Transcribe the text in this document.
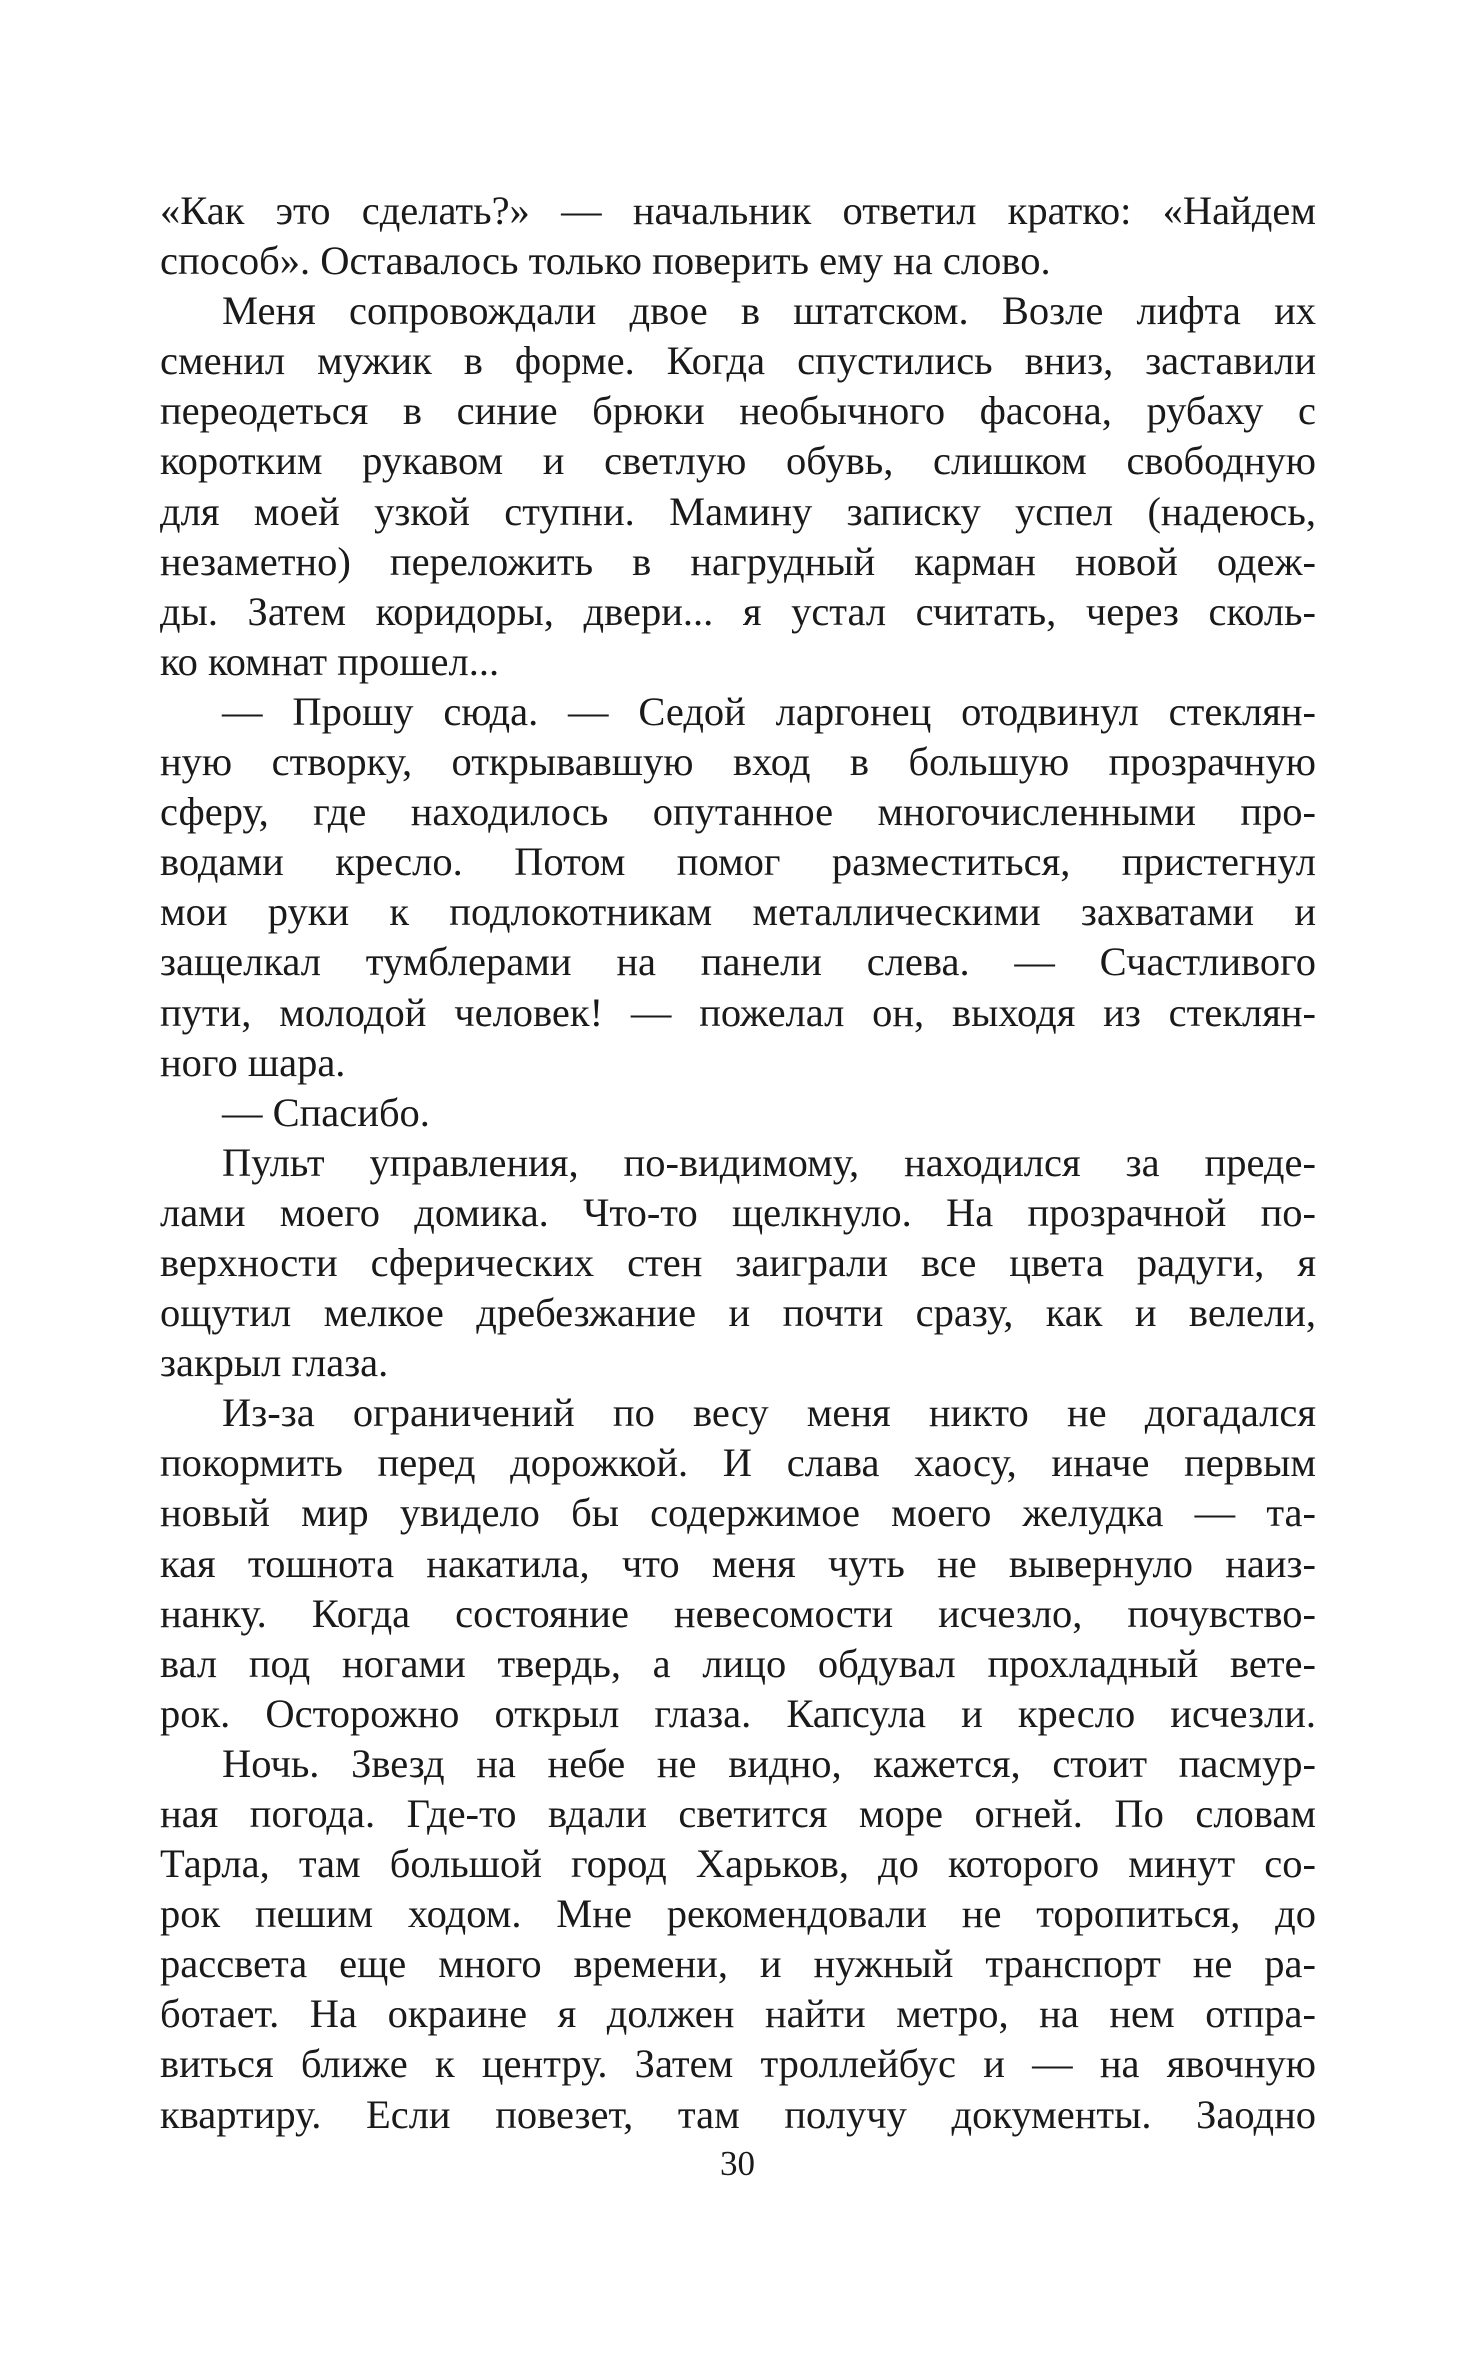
«Как это сделать?» — начальник ответил кратко: «Найдем
способ». Оставалось только поверить ему на слово.
Меня сопровождали двое в штатском. Возле лифта их
сменил мужик в форме. Когда спустились вниз, заставили
переодеться в синие брюки необычного фасона, рубаху с
коротким рукавом и светлую обувь, слишком свободную
для моей узкой ступни. Мамину записку успел (надеюсь,
незаметно) переложить в нагрудный карман новой одеж-
ды. Затем коридоры, двери... я устал считать, через сколь-
ко комнат прошел...
— Прошу сюда. — Седой ларгонец отодвинул стеклян-
ную створку, открывавшую вход в большую прозрачную
сферу, где находилось опутанное многочисленными про-
водами кресло. Потом помог разместиться, пристегнул
мои руки к подлокотникам металлическими захватами и
защелкал тумблерами на панели слева. — Счастливого
пути, молодой человек! — пожелал он, выходя из стеклян-
ного шара.
— Спасибо.
Пульт управления, по-видимому, находился за преде-
лами моего домика. Что-то щелкнуло. На прозрачной по-
верхности сферических стен заиграли все цвета радуги, я
ощутил мелкое дребезжание и почти сразу, как и велели,
закрыл глаза.
Из-за ограничений по весу меня никто не догадался
покормить перед дорожкой. И слава хаосу, иначе первым
новый мир увидело бы содержимое моего желудка — та-
кая тошнота накатила, что меня чуть не вывернуло наиз-
нанку. Когда состояние невесомости исчезло, почувство-
вал под ногами твердь, а лицо обдувал прохладный вете-
рок. Осторожно открыл глаза. Капсула и кресло исчезли.
Ночь. Звезд на небе не видно, кажется, стоит пасмур-
ная погода. Где-то вдали светится море огней. По словам
Тарла, там большой город Харьков, до которого минут со-
рок пешим ходом. Мне рекомендовали не торопиться, до
рассвета еще много времени, и нужный транспорт не ра-
ботает. На окраине я должен найти метро, на нем отпра-
виться ближе к центру. Затем троллейбус и — на явочную
квартиру. Если повезет, там получу документы. Заодно
30
